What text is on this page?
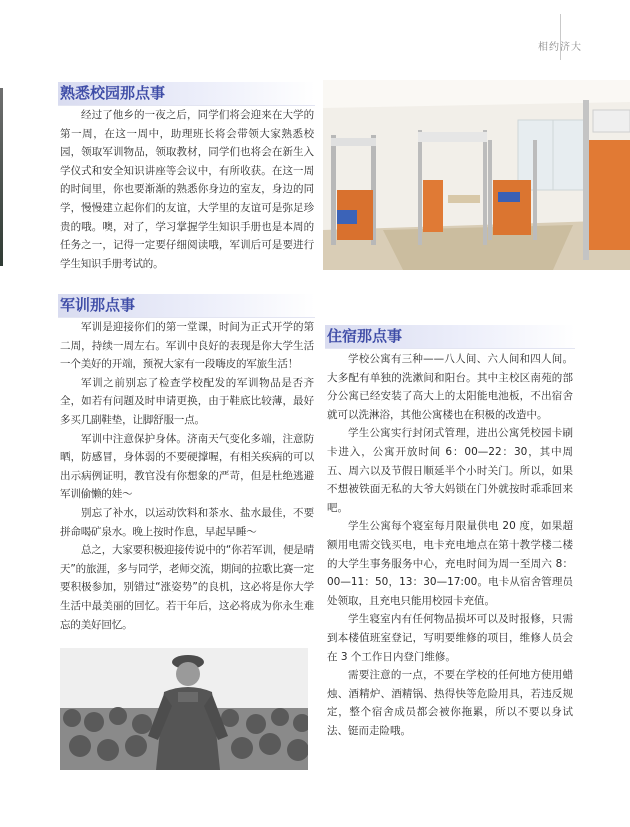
相约济大
熟悉校园那点事

经过了他乡的一夜之后，同学们将会迎来在大学的第一周，在这一周中，助理班长将会带领大家熟悉校园，领取军训物品，领取教材，同学们也将会在新生入学仪式和安全知识讲座等会议中，有所收获。在这一周的时间里，你也要渐渐的熟悉你身边的室友，身边的同学，慢慢建立起你们的友谊，大学里的友谊可是弥足珍贵的哦。噢，对了，学习掌握学生知识手册也是本周的任务之一，记得一定要仔细阅读哦，军训后可是要进行学生知识手册考试的。

军训那点事

军训是迎接你们的第一堂课，时间为正式开学的第二周，持续一周左右。军训中良好的表现是你大学生活一个美好的开端，预祝大家有一段嗨皮的军旅生活！

军训之前别忘了检查学校配发的军训物品是否齐全，如若有问题及时申请更换，由于鞋底比较薄，最好多买几副鞋垫，让脚舒服一点。

军训中注意保护身体。济南天气变化多端，注意防晒，防感冒，身体弱的不要硬撑喔，有相关疾病的可以出示病例证明，教官没有你想象的严苛，但是杜绝逃避军训偷懒的娃～

别忘了补水，以运动饮料和茶水、盐水最佳，不要拼命喝矿泉水。晚上按时作息，早起早睡～

总之，大家要积极迎接传说中的“你若军训，便是晴天”的旅涯，多与同学，老师交流，期间的拉歌比赛一定要积极参加，别错过“涨姿势”的良机，这必将是你大学生活中最美丽的回忆。若干年后，这必将成为你永生难忘的美好回忆。

住宿那点事

学校公寓有三种——八人间、六人间和四人间。大多配有单独的洗漱间和阳台。其中主校区南苑的部分公寓已经安装了高大上的太阳能电池板，不出宿舍就可以洗淋浴，其他公寓楼也在积极的改造中。

学生公寓实行封闭式管理，进出公寓凭校园卡刷卡进入，公寓开放时间 6：00—22：30，其中周五、周六以及节假日顺延半个小时关门。所以，如果不想被铁面无私的大爷大妈锁在门外就按时乖乖回来吧。

学生公寓每个寝室每月限量供电 20 度，如果超额用电需交钱买电，电卡充电地点在第十教学楼二楼的大学生事务服务中心，充电时间为周一至周六 8：00—11：50，13：30—17:00。电卡从宿舍管理员处领取，且充电只能用校园卡充值。

学生寝室内有任何物品损坏可以及时报修，只需到本楼值班室登记，写明要维修的项目，维修人员会在 3 个工作日内登门维修。

需要注意的一点，不要在学校的任何地方使用蜡烛、酒精炉、酒精锅、热得快等危险用具，若违反规定，整个宿舍成员都会被你拖累，所以不要以身试法、铤而走险哦。
